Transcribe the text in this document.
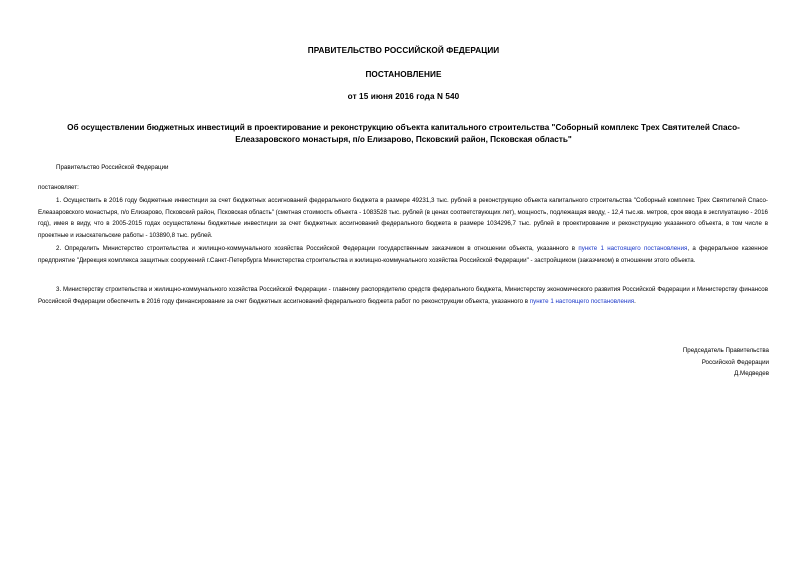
ПРАВИТЕЛЬСТВО РОССИЙСКОЙ ФЕДЕРАЦИИ
ПОСТАНОВЛЕНИЕ
от 15 июня 2016 года N 540
Об осуществлении бюджетных инвестиций в проектирование и реконструкцию объекта капитального строительства "Соборный комплекс Трех Святителей Спасо-Елеазаровского монастыря, п/о Елизарово, Псковский район, Псковская область"
Правительство Российской Федерации
постановляет:
1. Осуществить в 2016 году бюджетные инвестиции за счет бюджетных ассигнований федерального бюджета в размере 49231,3 тыс. рублей в реконструкцию объекта капитального строительства "Соборный комплекс Трех Святителей Спасо-Елеазаровского монастыря, п/о Елизарово, Псковский район, Псковская область" (сметная стоимость объекта - 1083528 тыс. рублей (в ценах соответствующих лет), мощность, подлежащая вводу, - 12,4 тыс.кв. метров, срок ввода в эксплуатацию - 2016 год), имея в виду, что в 2005-2015 годах осуществлены бюджетные инвестиции за счет бюджетных ассигнований федерального бюджета в размере 1034296,7 тыс. рублей в проектирование и реконструкцию указанного объекта, в том числе в проектные и изыскательские работы - 103890,8 тыс. рублей.
2. Определить Министерство строительства и жилищно-коммунального хозяйства Российской Федерации государственным заказчиком в отношении объекта, указанного в пункте 1 настоящего постановления, а федеральное казенное предприятие "Дирекция комплекса защитных сооружений г.Санкт-Петербурга Министерства строительства и жилищно-коммунального хозяйства Российской Федерации" - застройщиком (заказчиком) в отношении этого объекта.
3. Министерству строительства и жилищно-коммунального хозяйства Российской Федерации - главному распорядителю средств федерального бюджета, Министерству экономического развития Российской Федерации и Министерству финансов Российской Федерации обеспечить в 2016 году финансирование за счет бюджетных ассигнований федерального бюджета работ по реконструкции объекта, указанного в пункте 1 настоящего постановления.
Председатель Правительства
Российской Федерации
Д.Медведев
